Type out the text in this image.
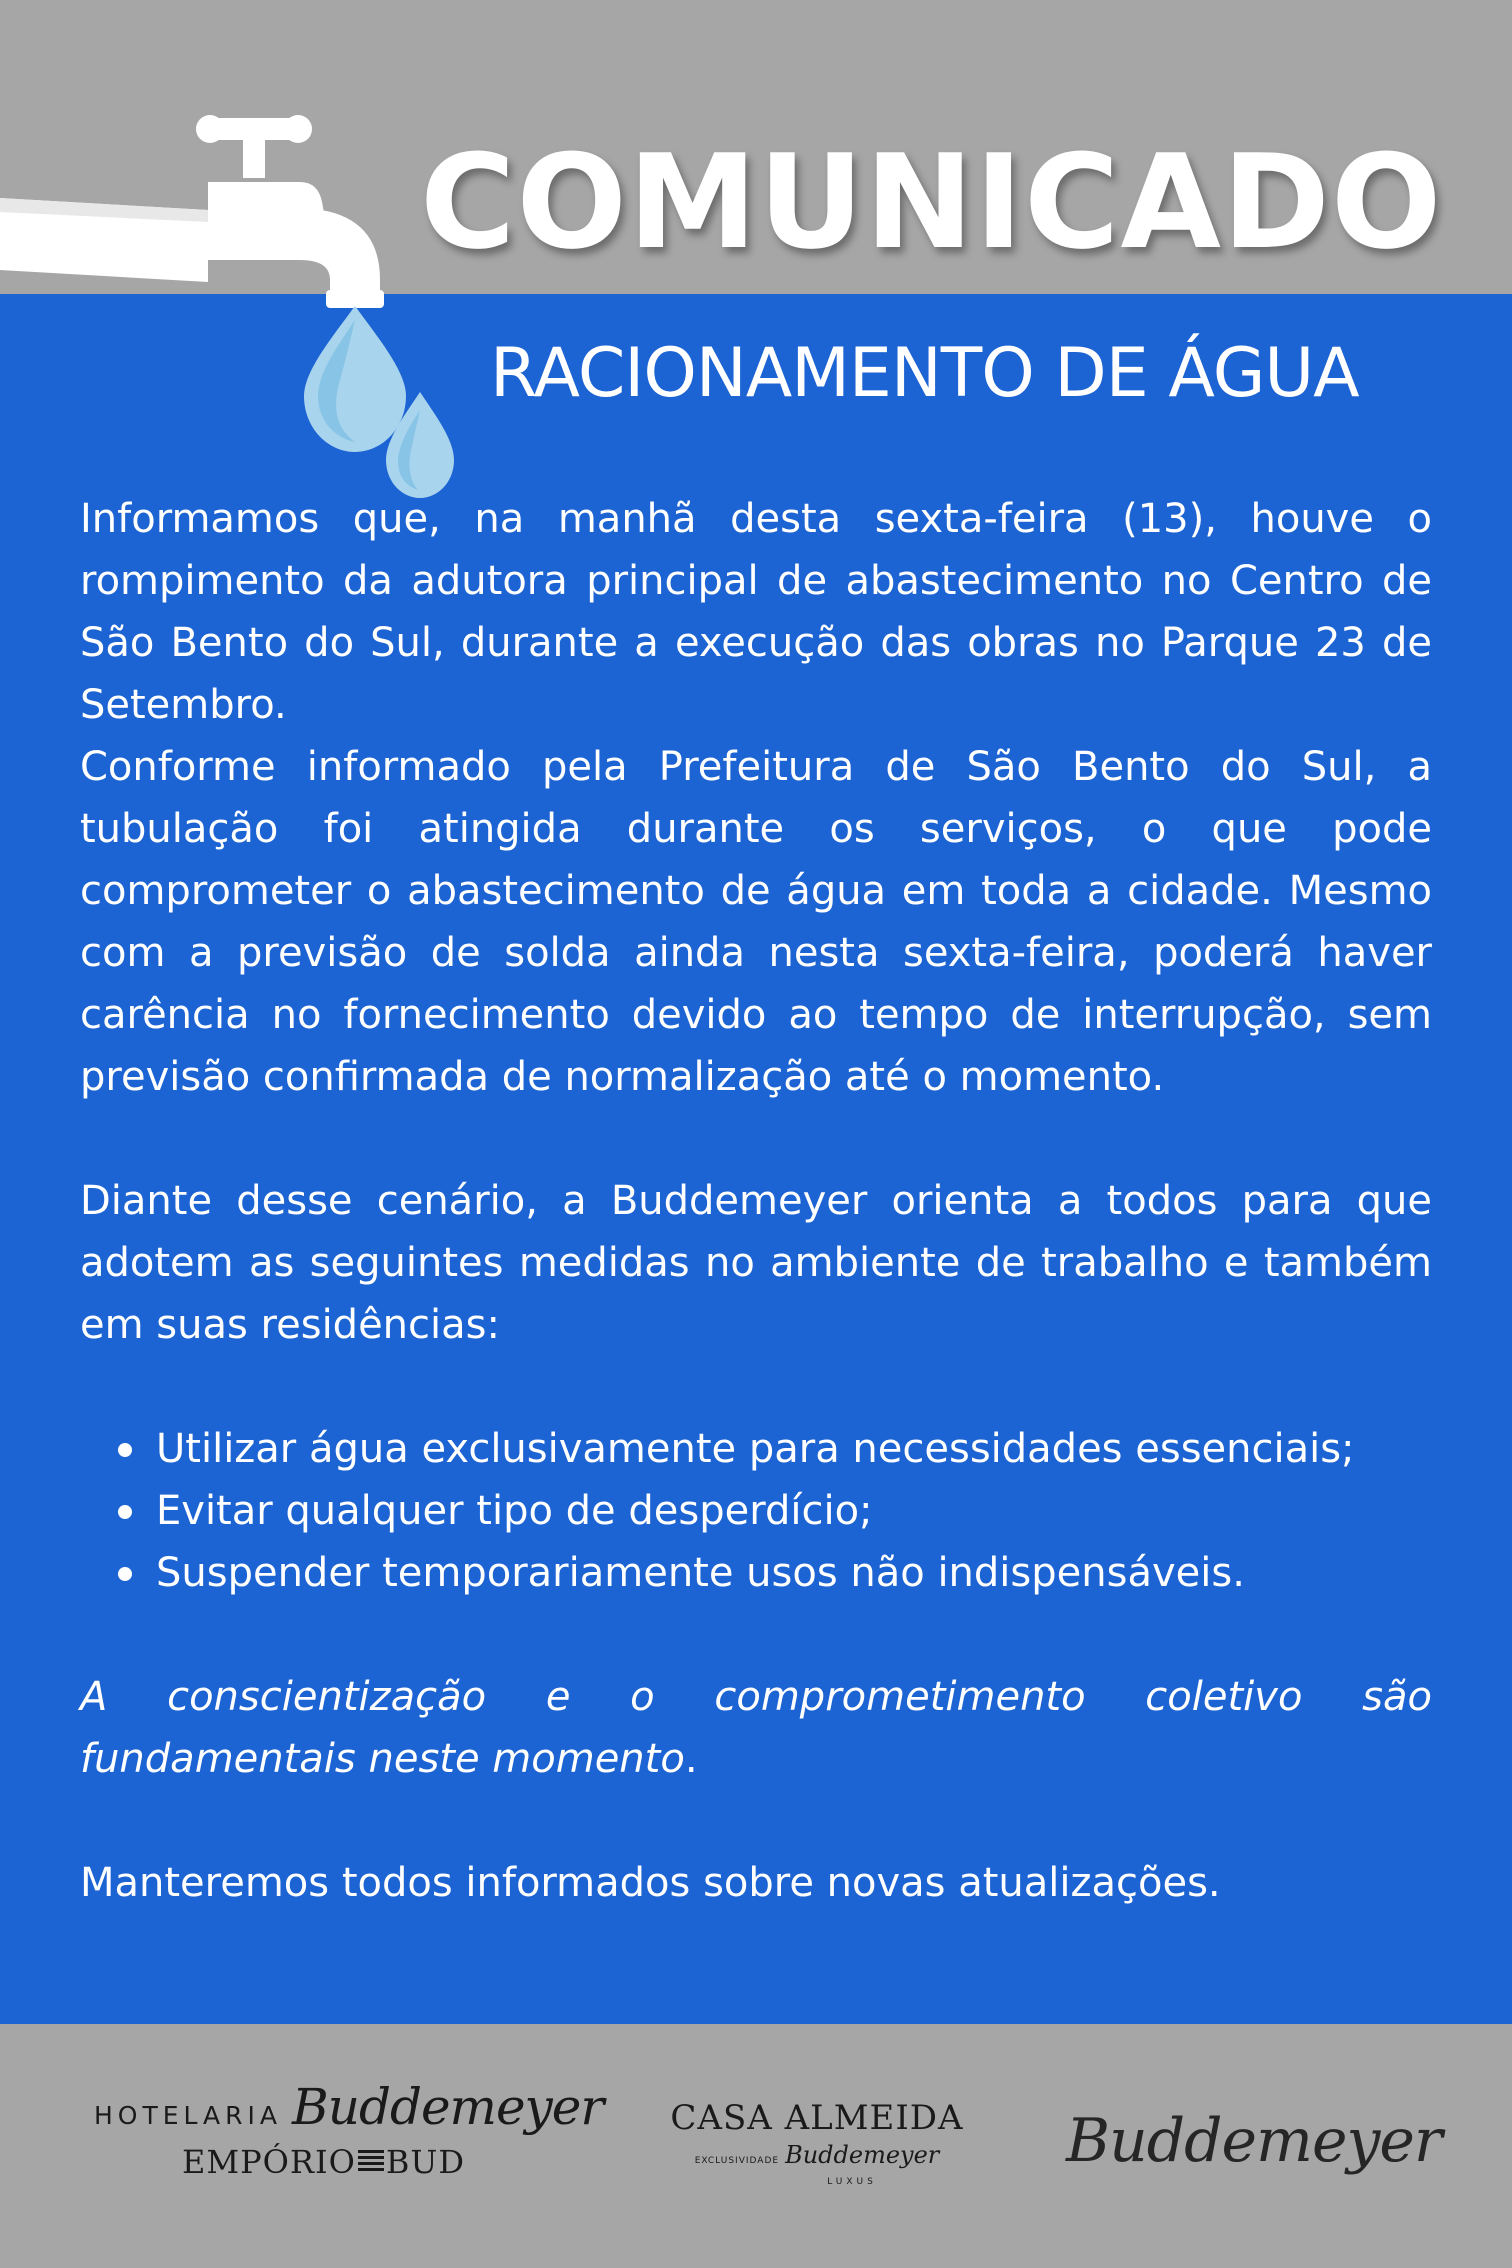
COMUNICADO
RACIONAMENTO DE ÁGUA

Informamos que, na manhã desta sexta-feira (13), houve o rompimento da adutora principal de abastecimento no Centro de São Bento do Sul, durante a execução das obras no Parque 23 de Setembro.

Conforme informado pela Prefeitura de São Bento do Sul, a tubulação foi atingida durante os serviços, o que pode comprometer o abastecimento de água em toda a cidade. Mesmo com a previsão de solda ainda nesta sexta-feira, poderá haver carência no fornecimento devido ao tempo de interrupção, sem previsão confirmada de normalização até o momento.

Diante desse cenário, a Buddemeyer orienta a todos para que adotem as seguintes medidas no ambiente de trabalho e também em suas residências:

Utilizar água exclusivamente para necessidades essenciais;
Evitar qualquer tipo de desperdício;
Suspender temporariamente usos não indispensáveis.

A conscientização e o comprometimento coletivo são fundamentais neste momento.

Manteremos todos informados sobre novas atualizações.

HOTELARIA Buddemeyer
EMPÓRIO BUD
CASA ALMEIDA
EXCLUSIVIDADE Buddemeyer
LUXUS
Buddemeyer
